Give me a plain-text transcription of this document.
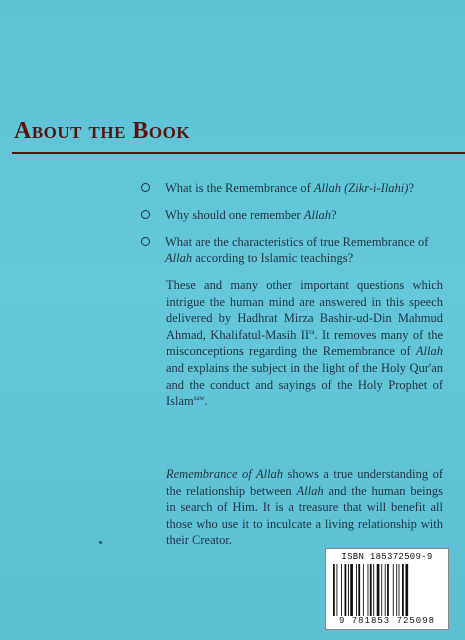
About the Book
What is the Remembrance of Allah (Zikr-i-Ilahi)?
Why should one remember Allah?
What are the characteristics of true Remembrance of Allah according to Islamic teachings?
These and many other important questions which intrigue the human mind are answered in this speech delivered by Hadhrat Mirza Bashir-ud-Din Mahmud Ahmad, Khalifatul-Masih $II^{ra}$. It removes many of the misconceptions regarding the Remembrance of Allah and explains the subject in the light of the Holy Qur'an and the conduct and sayings of the Holy Prophet of Islam$^{saw}$.
Remembrance of Allah shows a true understanding of the relationship between Allah and the human beings in search of Him. It is a treasure that will benefit all those who use it to inculcate a living relationship with their Creator.
ISBN 185372509-9
9 781853 725098
